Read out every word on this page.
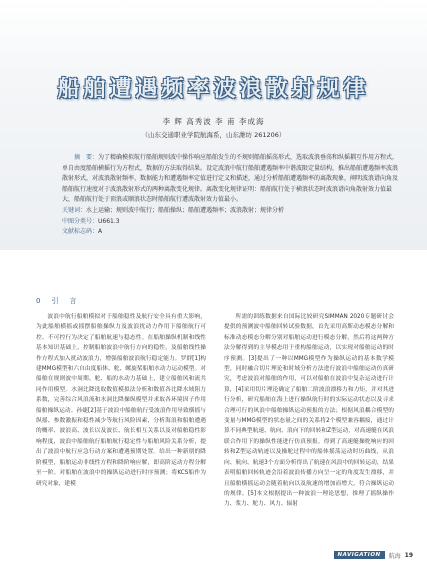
船舶遭遇频率波浪散射规律
李 辉 高秀波 李 甫 李成海
（山东交通职业学院航海系，山东潍坊 261206）

摘　要：为了精确模拟航行船舶规则波中操作响应船舶发生的不规则船舶摇荡形式，选取波浪垂荡和纵摇耦互作用方程式，单自由度船舶横摇行为方程式，数据的方法取得结果。设定波浪中航行船舶遭遇频率中谐波限定量结构，推出船舶遭遇频率波浪散射形式，对波浪散射频率、数据能力和遭遇频率定值进行定义和描述，通过分析船舶遭遇频率的离散现象，阐明波浪谱向角及船舶航行速度对于波浪散射形式的两种离散变化规律。离散变化规律证明：船舶航行处于横浪状态时波浪谱向角散射效力值最大，船舶航行处于顶浪或顺浪状态时船舶航行遭波散射效力值最小。

关键词：水上运输；规则波中航行；船舶操纵；船舶遭遇频率；波浪散射；规律分析
中图分类号：U661.3
文献标志码：A
0　引　言

波浪中航行船舶模拟对于船舶稳性及航行安全具有重大影响，为此船舶横摇或摇摆船舶操纵力及波浪扰动力作用下船舶航行可控、不可控行为决定了船舶航速与稳态性。在船舶操纵机制和线性基本知识基础上，控制船舶波浪中航行方向的稳性，及船舶线性操作方程式加入扰动波浪力，增强船舶波浪航行稳定能力。罗群[1]构建MMG模型和六自由度船体、舵、螺旋桨船舶水动力运动模型。对船舶在规则波中周期、舵、船的水动力基础上，建立船舶风和流共同作用模型。水洞比降选取数值模拟法分析和数值各比降水域阻力系数，完善综合风浪流和水洞比降操纵模型并求取各环境因子作用船舶操纵运动。孙婕[2]基于波浪中船舶航行受波浪作用导致横摇与纵摇、参数激振和稳性减少等航行风险因素，分析海浪和船舶遭遇的概率、波浪高、波长以及波长、航长相互关系以及对船舶稳性影响程度，波浪中船舶航行船舶航行稳定性与船舶风险关系分析，提出了波浪中航行应急行动方案和遭遇预期处置。给出一种新朋的降阶模型，船舶运动非线性方程和降阶响应解，即高阶运动方程分解至一阶。对船舶在波浪中的操纵运动进行时序预测；将KCS船作为研究对象，建模

所需的训练数据来自国际比较研究SIMMAN 2020专题研讨会提供的预测波中船舶回转试验数据，首先采用高斯动态模态分解和标准动态模态分解分别对船舶运动进行模态分解，然后将这两种方法分解得到的主导模态用于重构船舶运动，以实现对船舶运动的时序预测。[3]提出了一种以MMG模型作为操纵运动的基本数学模型，同时融合切片理论和时域分析方法进行波浪中船舶运动仿真研究，考虑波浪对船舶的作用，可以对船舶在波浪中复杂运动进行计算，[4]采用切片理论确定了船舶二阶波浪漂移力和力矩，并对其进行分析，研究船舶在海上进行操纵航行时的实际运动状态以及寻求合理可行的风浪中船舶操纵运动预报的方法；根据风浪耦合模型的变量与MMG模型的状态量之间的关系将2个模型兼容耦接，通过计算不同典型航速、航向、浪向下的回转和Z型运动，对高速艇在风浪联合作用下的操纵性能进行仿真预报。得到了高速艇操舵响应的回转和Z型运动轨迹以及操舵过程中的船体摇荡运动时历曲线，从浪向、航向、航速3个方面分析得出了航速在风浪中的回转运动，结果表明船舶回转轨迹会沿着波浪传播方向呈一定的角度发生漂移，并且船舶横摇运动会随着航向以及航速的增加而增大，符合操纵运动的规律。[5]本文根据提出一种波浪一理论思想，推理了摇纵操作力、浆力、舵力、风力、辐射

NAVIGATION	航海 19
